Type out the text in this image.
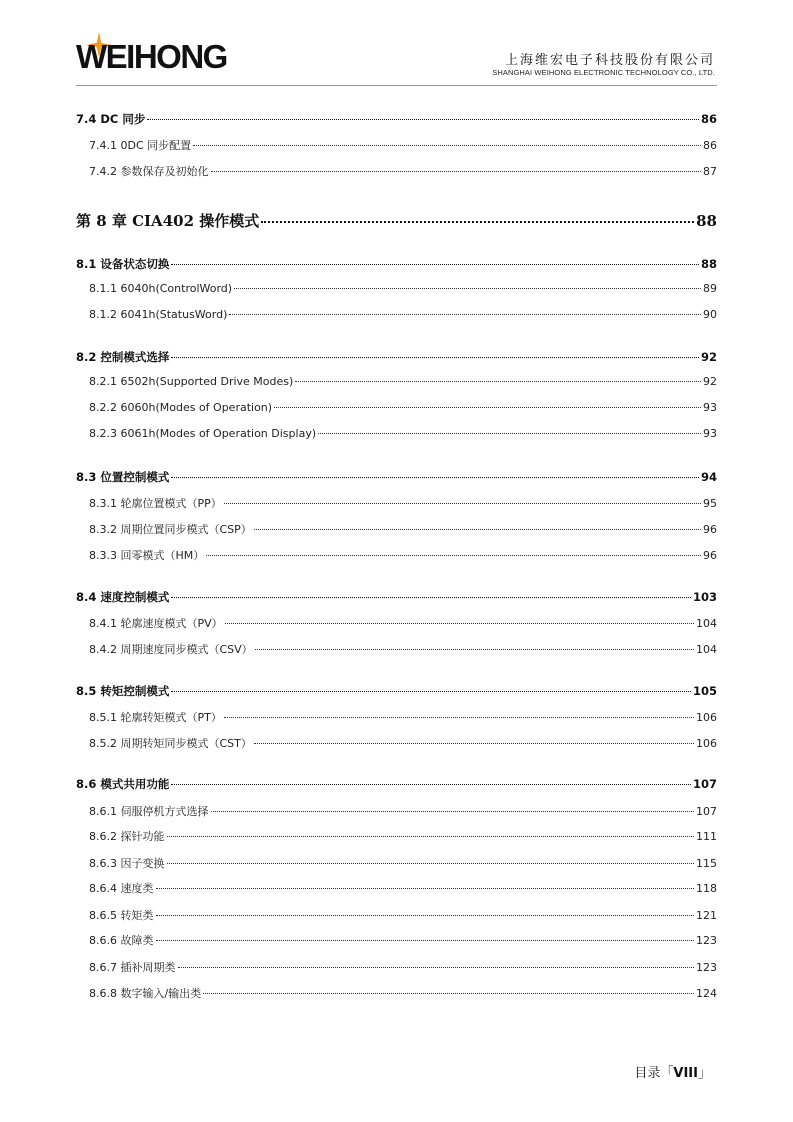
WEIHONG	上海维宏电子科技股份有限公司
SHANGHAI WEIHONG ELECTRONIC TECHNOLOGY CO., LTD.
7.4 DC 同步	86
7.4.1 0DC 同步配置	86
7.4.2 参数保存及初始化	87
第 8 章 CIA402 操作模式	88
8.1 设备状态切换	88
8.1.1 6040h(ControlWord)	89
8.1.2 6041h(StatusWord)	90
8.2 控制模式选择	92
8.2.1 6502h(Supported Drive Modes)	92
8.2.2 6060h(Modes of Operation)	93
8.2.3 6061h(Modes of Operation Display)	93
8.3 位置控制模式	94
8.3.1 轮廓位置模式（PP）	95
8.3.2 周期位置同步模式（CSP）	96
8.3.3 回零模式（HM）	96
8.4 速度控制模式	103
8.4.1 轮廓速度模式（PV）	104
8.4.2 周期速度同步模式（CSV）	104
8.5 转矩控制模式	105
8.5.1 轮廓转矩模式（PT）	106
8.5.2 周期转矩同步模式（CST）	106
8.6 模式共用功能	107
8.6.1 伺服停机方式选择	107
8.6.2 探针功能	111
8.6.3 因子变换	115
8.6.4 速度类	118
8.6.5 转矩类	121
8.6.6 故障类	123
8.6.7 插补周期类	123
8.6.8 数字输入/输出类	124
目录「VIII」
